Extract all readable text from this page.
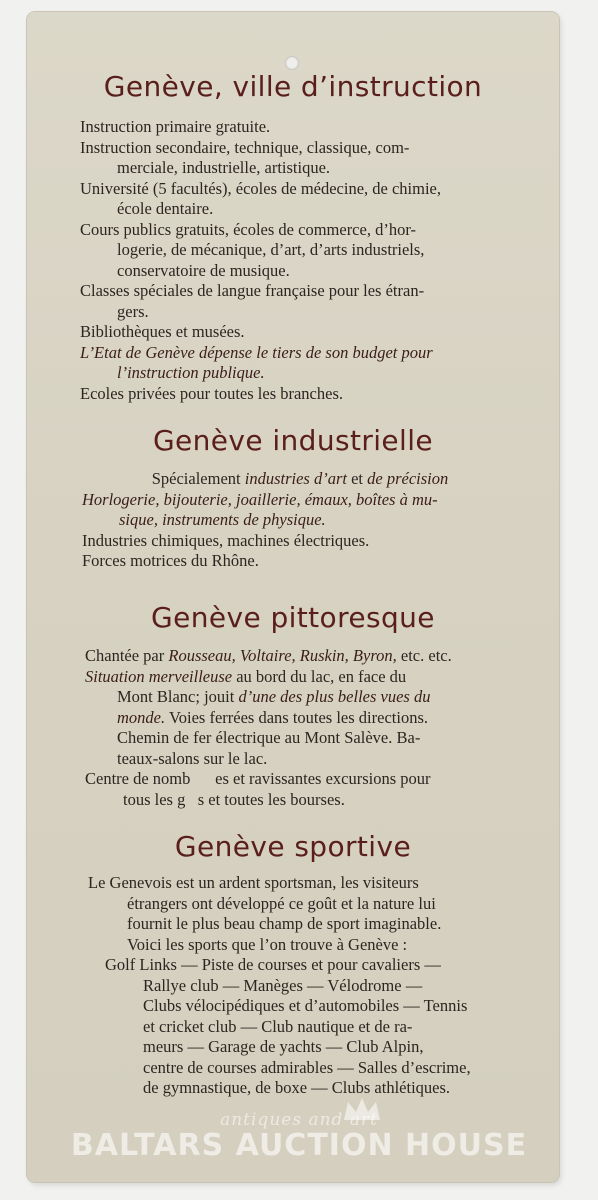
Genève, ville d’instruction

Instruction primaire gratuite.

Instruction secondaire, technique, classique, com-
merciale, industrielle, artistique.

Université (5 facultés), écoles de médecine, de chimie,
école dentaire.

Cours publics gratuits, écoles de commerce, d’hor-
logerie, de mécanique, d’art, d’arts industriels,
conservatoire de musique.

Classes spéciales de langue française pour les étran-
gers.

Bibliothèques et musées.

L’Etat de Genève dépense le tiers de son budget pour
l’instruction publique.

Ecoles privées pour toutes les branches.

Genève industrielle

Spécialement industries d’art et de précision

Horlogerie, bijouterie, joaillerie, émaux, boîtes à mu-
sique, instruments de physique.

Industries chimiques, machines électriques.

Forces motrices du Rhône.

Genève pittoresque

Chantée par Rousseau, Voltaire, Ruskin, Byron, etc. etc.

Situation merveilleuse au bord du lac, en face du

Mont Blanc; jouit d’une des plus belles vues du

monde. Voies ferrées dans toutes les directions.

Chemin de fer électrique au Mont Salève. Ba-

teaux-salons sur le lac.

Centre de nomb      es et ravissantes excursions pour

tous les g   s et toutes les bourses.

Genève sportive

Le Genevois est un ardent sportsman, les visiteurs

étrangers ont développé ce goût et la nature lui

fournit le plus beau champ de sport imaginable.

Voici les sports que l’on trouve à Genève :

Golf Links — Piste de courses et pour cavaliers —

Rallye club — Manèges — Vélodrome —

Clubs vélocipédiques et d’automobiles — Tennis

et cricket club — Club nautique et de ra-

meurs — Garage de yachts — Club Alpin,

centre de courses admirables — Salles d’escrime,

de gymnastique, de boxe — Clubs athlétiques.

antiques and art
BALTARS AUCTION HOUSE
